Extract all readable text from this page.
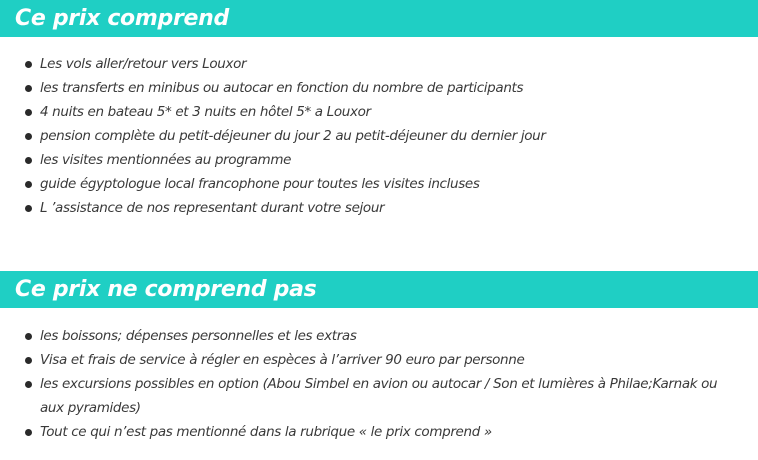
Ce prix comprend
Les vols aller/retour vers Louxor
les transferts en minibus ou autocar en fonction du nombre de participants
4 nuits en bateau 5* et 3 nuits en hôtel 5* a Louxor
pension complète du petit-déjeuner du jour 2 au petit-déjeuner du dernier jour
les visites mentionnées au programme
guide égyptologue local francophone pour toutes les visites incluses
L ’assistance de nos representant durant votre sejour
Ce prix ne comprend pas
les boissons; dépenses personnelles et les extras
Visa et frais de service à régler en espèces à l’arriver 90 euro par personne
les excursions possibles en option (Abou Simbel en avion ou autocar / Son et lumières à Philae;Karnak ou aux pyramides)
Tout ce qui n’est pas mentionné dans la rubrique « le prix comprend »
